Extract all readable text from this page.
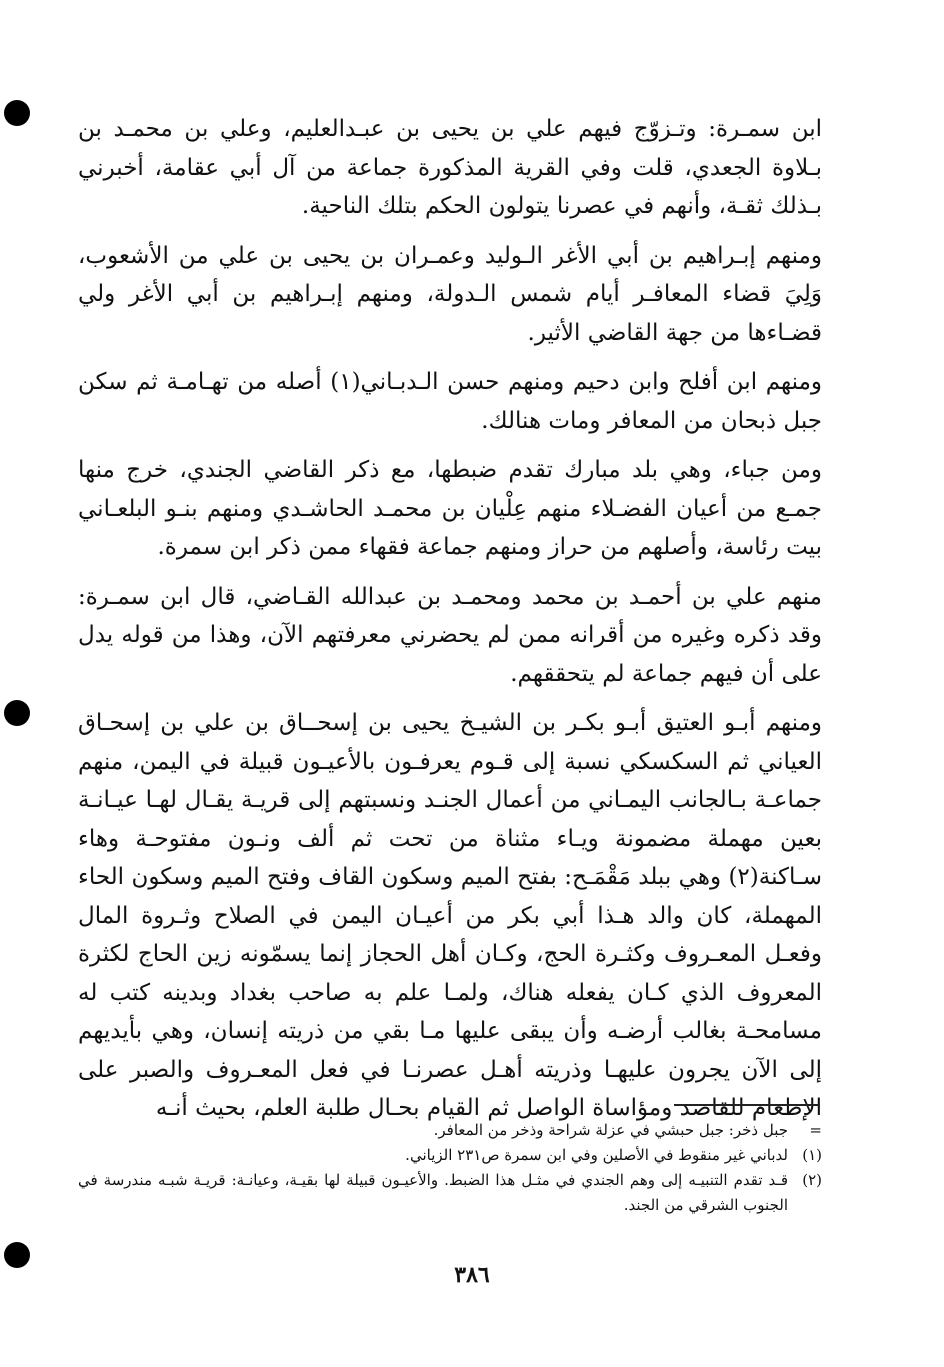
ابن سمـرة: وتـزوّج فيهم علي بن يحيى بن عبـدالعليم، وعلي بن محمـد بن بـلاوة الجعدي، قلت وفي القرية المذكورة جماعة من آل أبي عقامة، أخبرني بـذلك ثقـة، وأنهم في عصرنا يتولون الحكم بتلك الناحية.

ومنهم إبـراهيم بن أبي الأغر الـوليد وعمـران بن يحيى بن علي من الأشعوب، وَلِيَ قضاء المعافـر أيام شمس الـدولة، ومنهم إبـراهيم بن أبي الأغر ولي قضـاءها من جهة القاضي الأثير.

ومنهم ابن أفلح وابن دحيم ومنهم حسن الـدبـاني(١) أصله من تهـامـة ثم سكن جبل ذبحان من المعافر ومات هنالك.

ومن جباء، وهي بلد مبارك تقدم ضبطها، مع ذكر القاضي الجندي، خرج منها جمـع من أعيان الفضـلاء منهم عِلْيان بن محمـد الحاشـدي ومنهم بنـو البلعـاني بيت رئاسة، وأصلهم من حراز ومنهم جماعة فقهاء ممن ذكر ابن سمرة.

منهم علي بن أحمـد بن محمد ومحمـد بن عبدالله القـاضي، قال ابن سمـرة: وقد ذكره وغيره من أقرانه ممن لم يحضرني معرفتهم الآن، وهذا من قوله يدل على أن فيهم جماعة لم يتحققهم.

ومنهم أبـو العتيق أبـو بكـر بن الشيـخ يحيى بن إسحــاق بن علي بن إسحـاق العياني ثم السكسكي نسبة إلى قـوم يعرفـون بالأعيـون قبيلة في اليمن، منهم جماعـة بـالجانب اليمـاني من أعمال الجنـد ونسبتهم إلى قريـة يقـال لهـا عيـانـة بعين مهملة مضمونة ويـاء مثناة من تحت ثم ألف ونـون مفتوحـة وهاء سـاكنة(٢) وهي ببلد مَقْمَـح: بفتح الميم وسكون القاف وفتح الميم وسكون الحاء المهملة، كان والد هـذا أبي بكر من أعيـان اليمن في الصلاح وثـروة المال وفعـل المعـروف وكثـرة الحج، وكـان أهل الحجاز إنما يسمّونه زين الحاج لكثرة المعروف الذي كـان يفعله هناك، ولمـا علم به صاحب بغداد وبدينه كتب له مسامحـة بغالب أرضـه وأن يبقى عليها مـا بقي من ذريته إنسان، وهي بأيديهم إلى الآن يجرون عليهـا وذريته أهـل عصرنـا في فعل المعـروف والصبر على الإطعام للقاصد ومؤاساة الواصل ثم القيام بحـال طلبة العلم، بحيث أنـه

=
جبل ذخر: جبل حبشي في عزلة شراحة وذخر من المعافر.
(١)
لدباني غير منقوط في الأصلين وفي ابن سمرة ص٢٣١ الزياني.
(٢)
قـد تقدم التنبيـه إلى وهم الجندي في مثـل هذا الضبط. والأعيـون قبيلة لها بقيـة، وعيانـة: قريـة شبـه مندرسة في الجنوب الشرقي من الجند.
٣٨٦
